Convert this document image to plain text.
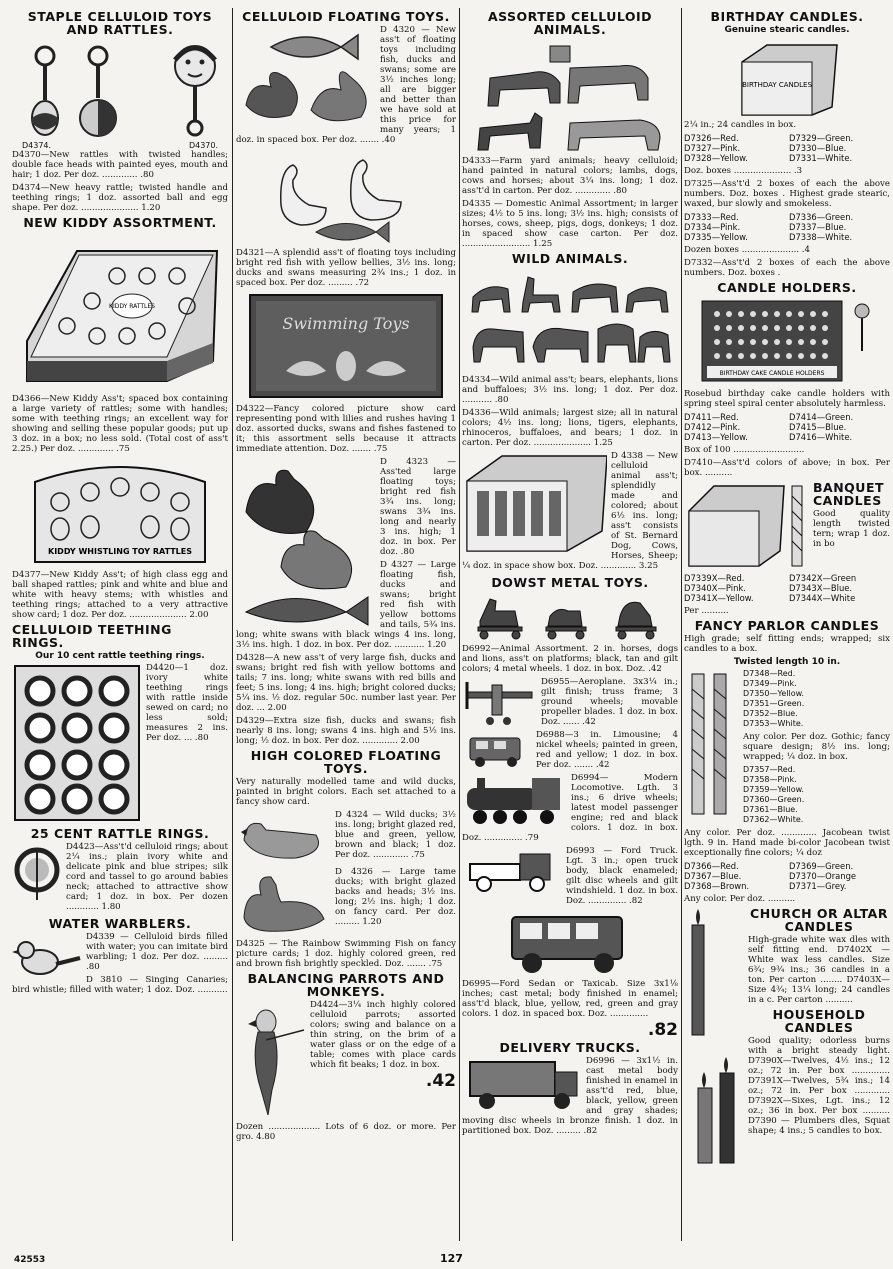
STAPLE CELLULOID TOYS AND RATTLES.
D4374.	D4370.

D4370—New rattles with twisted handles; double face heads with painted eyes, mouth and hair; 1 doz. Per doz. ............. .80

D4374—New heavy rattle; twisted handle and teething rings; 1 doz. assorted ball and egg shape. Per doz. ..................... 1.20

NEW KIDDY ASSORTMENT.
KIDDY RATTLES

D4366—New Kiddy Ass't; spaced box containing a large variety of rattles; some with handles; some with teething rings; an excellent way for showing and selling these popular goods; put up 3 doz. in a box; no less sold. (Total cost of ass't 2.25.) Per doz. ............. .75

KIDDY WHISTLING TOY RATTLES

D4377—New Kiddy Ass't; of high class egg and ball shaped rattles; pink and white and blue and white with heavy stems; with whistles and teething rings; attached to a very attractive show card; 1 doz. Per doz. ..................... 2.00

CELLULOID TEETHING RINGS.
Our 10 cent rattle teething rings.

D4420—1 doz. ivory white teething rings with rattle inside sewed on card; no less sold; measures 2 ins. Per doz. ... .80

25 CENT RATTLE RINGS.

D4423—Ass't'd celluloid rings; about 2¼ ins.; plain ivory white and delicate pink and blue stripes; silk cord and tassel to go around babies neck; attached to attractive show card; 1 doz. in box. Per dozen ............ 1.80

WATER WARBLERS.

D4339 — Celluloid birds filled with water; you can imitate bird warbling; 1 doz. Per doz. ......... .80

D 3810 — Singing Canaries; bird whistle; filled with water; 1 doz. Doz. ...........

CELLULOID FLOATING TOYS.

D 4320 — New ass't of floating toys including fish, ducks and swans; some are 3½ inches long; all are bigger and better than we have sold at this price for many years; 1 doz. in spaced box. Per doz. ....... .40

D4321—A splendid ass't of floating toys including bright red fish with yellow bellies, 3½ ins. long; ducks and swans measuring 2¾ ins.; 1 doz. in spaced box. Per doz. ......... .72

Swimming Toys

D4322—Fancy colored picture show card representing pond with lilies and rushes having 1 doz. assorted ducks, swans and fishes fastened to it; this assortment sells because it attracts immediate attention. Doz. ....... .75

D 4323 — Ass'ted large floating toys; bright red fish 3¾ ins. long; swans 3¾ ins. long and nearly 3 ins. high; 1 doz. in box. Per doz. .80

D 4327 — Large floating fish, ducks and swans; bright red fish with yellow bottoms and tails, 5¾ ins. long; white swans with black wings 4 ins. long, 3½ ins. high. 1 doz. in box. Per doz. ........... 1.20

D4328—A new ass't of very large fish, ducks and swans; bright red fish with yellow bottoms and tails; 7 ins. long; white swans with red bills and feet; 5 ins. long; 4 ins. high; bright colored ducks; 5¼ ins. ½ doz. regular 50c. number last year. Per doz. ... 2.00

D4329—Extra size fish, ducks and swans; fish nearly 8 ins. long; swans 4 ins. high and 5½ ins. long; ½ doz. in box. Per doz. ............. 2.00

HIGH COLORED FLOATING TOYS.

Very naturally modelled tame and wild ducks, painted in bright colors. Each set attached to a fancy show card.

D 4324 — Wild ducks; 3½ ins. long; bright glazed red, blue and green, yellow, brown and black; 1 doz. Per doz. ............. .75

D 4326 — Large tame ducks; with bright glazed backs and heads; 3½ ins. long; 2½ ins. high; 1 doz. on fancy card. Per doz. ......... 1.20

D4325 — The Rainbow Swimming Fish on fancy picture cards; 1 doz. highly colored green, red and brown fish brightly speckled. Doz. ....... .75

BALANCING PARROTS AND MONKEYS.

D4424—3¼ inch highly colored celluloid parrots; assorted colors; swing and balance on a thin string, on the brim of a water glass or on the edge of a table; comes with place cards which fit beaks; 1 doz. in box.

.42

Dozen ................... Lots of 6 doz. or more. Per gro. 4.80

ASSORTED CELLULOID ANIMALS.

D4333—Farm yard animals; heavy celluloid; hand painted in natural colors; lambs, dogs, cows and horses; about 3¼ ins. long; 1 doz. ass't'd in carton. Per doz. ............. .80

D4335 — Domestic Animal Assortment; in larger sizes; 4½ to 5 ins. long; 3½ ins. high; consists of horses, cows, sheep, pigs, dogs, donkeys; 1 doz. in spaced show case carton. Per doz. ......................... 1.25

WILD ANIMALS.

D4334—Wild animal ass't; bears, elephants, lions and buffaloes; 3½ ins. long; 1 doz. Per doz. ........... .80

D4336—Wild animals; largest size; all in natural colors; 4½ ins. long; lions, tigers, elephants, rhinoceros, buffaloes, and bears; 1 doz. in carton. Per doz. ..................... 1.25

D 4338 — New celluloid animal ass't; splendidly made and colored; about 6½ ins. long; ass't consists of St. Bernard Dog, Cows, Horses, Sheep; ¼ doz. in space show box. Doz. ............. 3.25

DOWST METAL TOYS.

D6992—Animal Assortment. 2 in. horses, dogs and lions, ass't on platforms; black, tan and gilt colors; 4 metal wheels. 1 doz. in box. Doz. .42

D6955—Aeroplane. 3x3¼ in.; gilt finish; truss frame; 3 ground wheels; movable propeller blades. 1 doz. in box. Doz. ...... .42

D6988—3 in. Limousine; 4 nickel wheels; painted in green, red and yellow; 1 doz. in box. Per doz. ....... .42

D6994— Modern Locomotive. Lgth. 3 ins.; 6 drive wheels; latest model passenger engine; red and black colors. 1 doz. in box. Doz. .............. .79

D6993 — Ford Truck. Lgt. 3 in.; open truck body, black enameled; gilt disc wheels and gilt windshield. 1 doz. in box. Doz. .............. .82

D6995—Ford Sedan or Taxicab. Size 3x1⅛ inches; cast metal; body finished in enamel; ass't'd black, blue, yellow, red, green and gray colors. 1 doz. in spaced box. Doz. ..............

.82
DELIVERY TRUCKS.

D6996 — 3x1½ in. cast metal body finished in enamel in ass't'd red, blue, black, yellow, green and gray shades; moving disc wheels in bronze finish. 1 doz. in partitioned box. Doz. ......... .82

BIRTHDAY CANDLES.
Genuine stearic candles.
BIRTHDAY CANDLES

2¼ in.; 24 candles in box.

D7326—Red.	D7329—Green.
D7327—Pink.	D7330—Blue.
D7328—Yellow.	D7331—White.

Doz. boxes ..................... .3

D7325—Ass't'd 2 boxes of each the above numbers. Doz. boxes . Highest grade stearic, waxed, bur slowly and smokeless.

D7333—Red.	D7336—Green.
D7334—Pink.	D7337—Blue.
D7335—Yellow.	D7338—White.

Dozen boxes ..................... .4

D7332—Ass't'd 2 boxes of each the above numbers. Doz. boxes .

CANDLE HOLDERS.
BIRTHDAY CAKE CANDLE HOLDERS

Rosebud birthday cake candle holders with spring steel spiral center absolutely harmless.

D7411—Red.	D7414—Green.
D7412—Pink.	D7415—Blue.
D7413—Yellow.	D7416—White.

Box of 100 ..........................

D7410—Ass't'd colors of above; in box. Per box. ..........

BANQUET CANDLES

Good quality length twisted tern; wrap 1 doz. in bo

D7339X—Red.	D7342X—Green
D7340X—Pink.	D7343X—Blue.
D7341X—Yellow.	D7344X—White

Per ..........

FANCY PARLOR CANDLES

High grade; self fitting ends; wrapped; six candles to a box.

Twisted length 10 in.
D7348—Red.
D7349—Pink.
D7350—Yellow.
D7351—Green.
D7352—Blue.
D7353—White.

Any color. Per doz. Gothic; fancy square design; 8½ ins. long; wrapped; ¼ doz. in box.

D7357—Red.
D7358—Pink.
D7359—Yellow.
D7360—Green.
D7361—Blue.
D7362—White.

Any color. Per doz. ............. Jacobean twist lgth. 9 in. Hand made bi-color Jacobean twist exceptionally fine colors; ¼ doz

D7366—Red.	D7369—Green.
D7367—Blue.	D7370—Orange
D7368—Brown.	D7371—Grey.

Any color. Per doz. ..........

CHURCH OR ALTAR CANDLES

High-grade white wax dles with self fitting end. D7402X — White wax less candles. Size 6¾; 9¾ ins.; 36 candles in a ton. Per carton ........ D7403X—Size 4¾; 13¼ long; 24 candles in a c. Per carton ..........

HOUSEHOLD CANDLES

Good quality; odorless burns with a bright steady light. D7390X—Twelves, 4½ ins.; 12 oz.; 72 in. Per box .............. D7391X—Twelves, 5¾ ins.; 14 oz.; 72 in. Per box ............. D7392X—Sixes, Lgt. ins.; 12 oz.; 36 in box. Per box .......... D7390 — Plumbers dles, Squat shape; 4 ins.; 5 candles to box.

42553	127
